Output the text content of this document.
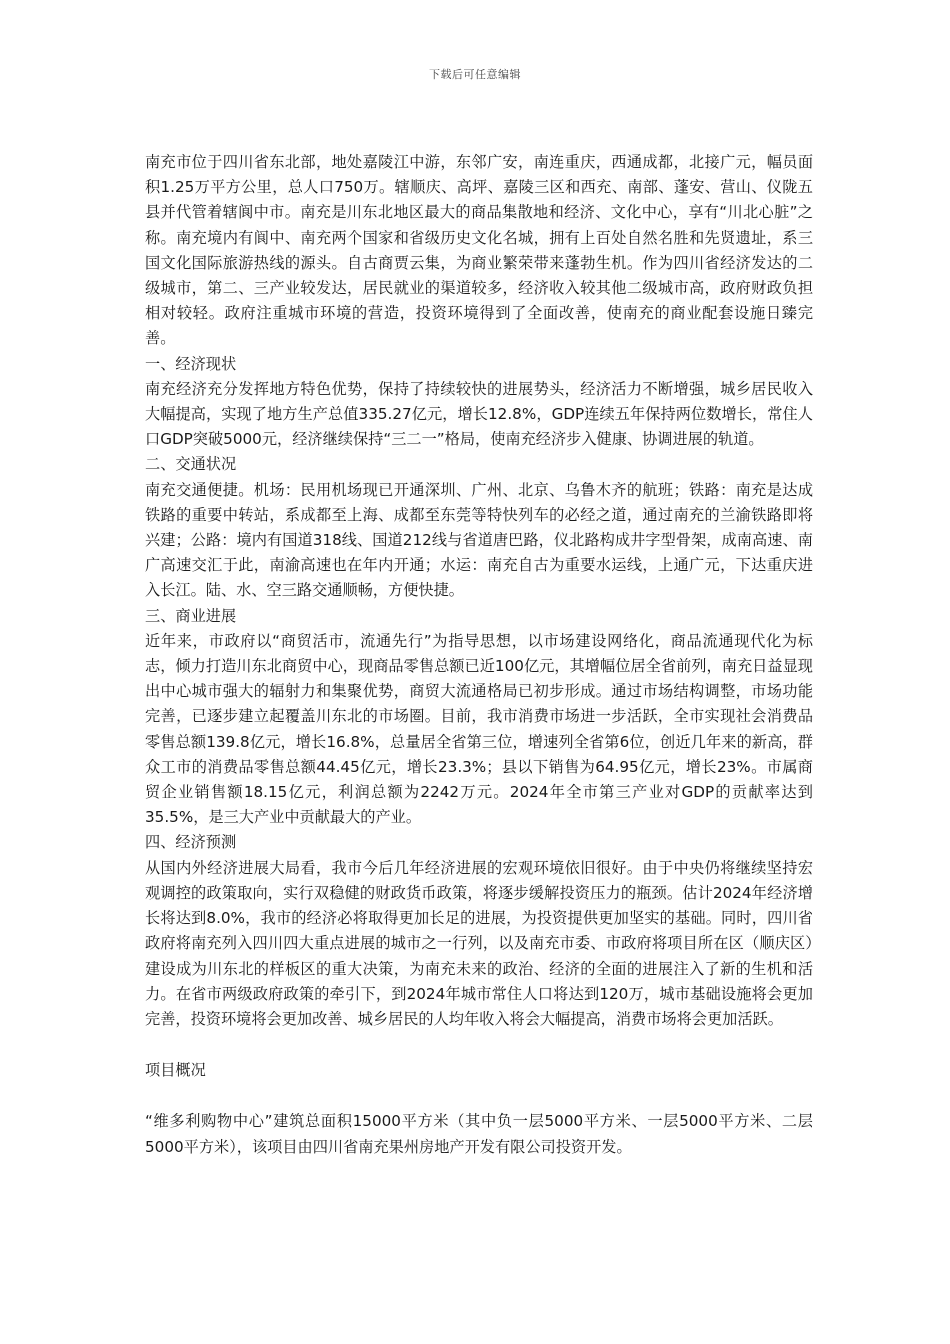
下载后可任意编辑

南充市位于四川省东北部，地处嘉陵江中游，东邻广安，南连重庆，西通成都，北接广元，幅员面积1.25万平方公里，总人口750万。辖顺庆、高坪、嘉陵三区和西充、南部、蓬安、营山、仪陇五县并代管着辖阆中市。南充是川东北地区最大的商品集散地和经济、文化中心，享有“川北心脏”之称。南充境内有阆中、南充两个国家和省级历史文化名城，拥有上百处自然名胜和先贤遗址，系三国文化国际旅游热线的源头。自古商贾云集，为商业繁荣带来蓬勃生机。作为四川省经济发达的二级城市，第二、三产业较发达，居民就业的渠道较多，经济收入较其他二级城市高，政府财政负担相对较轻。政府注重城市环境的营造，投资环境得到了全面改善，使南充的商业配套设施日臻完善。

一、经济现状

南充经济充分发挥地方特色优势，保持了持续较快的进展势头，经济活力不断增强，城乡居民收入大幅提高，实现了地方生产总值335.27亿元，增长12.8%，GDP连续五年保持两位数增长，常住人口GDP突破5000元，经济继续保持“三二一”格局，使南充经济步入健康、协调进展的轨道。

二、交通状况

南充交通便捷。机场：民用机场现已开通深圳、广州、北京、乌鲁木齐的航班；铁路：南充是达成铁路的重要中转站，系成都至上海、成都至东莞等特快列车的必经之道，通过南充的兰渝铁路即将兴建；公路：境内有国道318线、国道212线与省道唐巴路，仪北路构成井字型骨架，成南高速、南广高速交汇于此，南渝高速也在年内开通；水运：南充自古为重要水运线，上通广元，下达重庆进入长江。陆、水、空三路交通顺畅，方便快捷。

三、商业进展

近年来，市政府以“商贸活市，流通先行”为指导思想，以市场建设网络化，商品流通现代化为标志，倾力打造川东北商贸中心，现商品零售总额已近100亿元，其增幅位居全省前列，南充日益显现出中心城市强大的辐射力和集聚优势，商贸大流通格局已初步形成。通过市场结构调整，市场功能完善，已逐步建立起覆盖川东北的市场圈。目前，我市消费市场进一步活跃，全市实现社会消费品零售总额139.8亿元，增长16.8%，总量居全省第三位，增速列全省第6位，创近几年来的新高，群众工市的消费品零售总额44.45亿元，增长23.3%；县以下销售为64.95亿元，增长23%。市属商贸企业销售额18.15亿元，利润总额为2242万元。2024年全市第三产业对GDP的贡献率达到35.5%，是三大产业中贡献最大的产业。

四、经济预测

从国内外经济进展大局看，我市今后几年经济进展的宏观环境依旧很好。由于中央仍将继续坚持宏观调控的政策取向，实行双稳健的财政货币政策，将逐步缓解投资压力的瓶颈。估计2024年经济增长将达到8.0%，我市的经济必将取得更加长足的进展，为投资提供更加坚实的基础。同时，四川省政府将南充列入四川四大重点进展的城市之一行列，以及南充市委、市政府将项目所在区（顺庆区）建设成为川东北的样板区的重大决策，为南充未来的政治、经济的全面的进展注入了新的生机和活力。在省市两级政府政策的牵引下，到2024年城市常住人口将达到120万，城市基础设施将会更加完善，投资环境将会更加改善、城乡居民的人均年收入将会大幅提高，消费市场将会更加活跃。

项目概况

“维多利购物中心”建筑总面积15000平方米（其中负一层5000平方米、一层5000平方米、二层5000平方米），该项目由四川省南充果州房地产开发有限公司投资开发。
